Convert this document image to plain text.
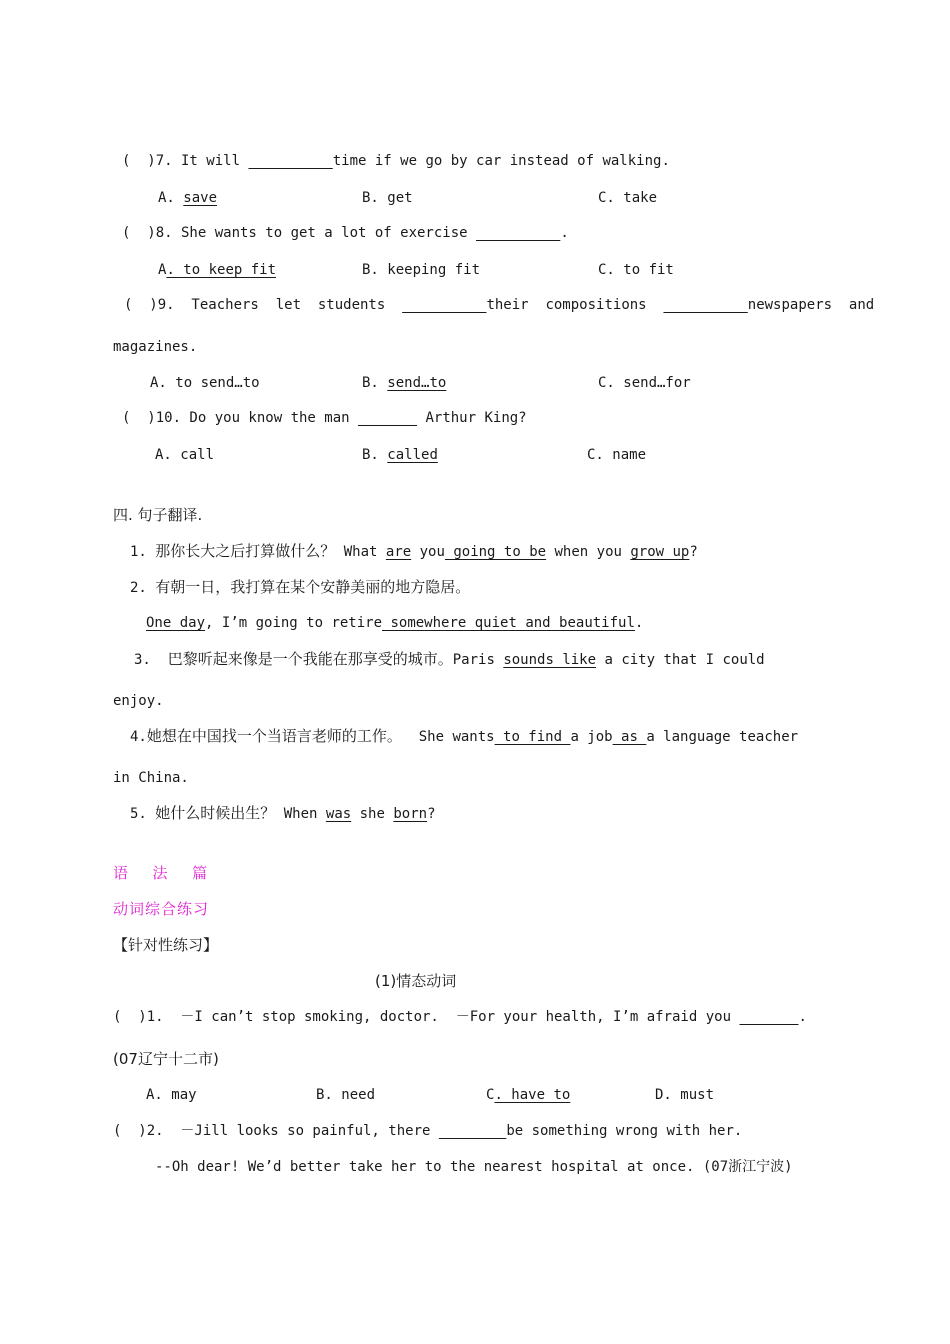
(  )7. It will	time if we go by car instead of walking.
A. save	B. get	C. take
(  )8. She wants to get a lot of exercise	.
A. to keep fit	B. keeping fit	C. to fit
(  )9.  Teachers  let  students	their  compositions	newspapers  and
magazines.
A. to send…to	B. send…to	C. send…for
(  )10. Do you know the man	Arthur King?
A. call	B. called	C. name
四. 句子翻译.
1. 那你长大之后打算做什么？ What are you going to be when you grow up?
2. 有朝一日，我打算在某个安静美丽的地方隐居。
One day, I’m going to retire somewhere quiet and beautiful.
3.  巴黎听起来像是一个我能在那享受的城市。Paris sounds like a city that I could
enjoy.
4.她想在中国找一个当语言老师的工作。  She wants to find a job as a language teacher
in China.
5. 她什么时候出生？ When was she born?
语  法  篇
动词综合练习
【针对性练习】
(1)情态动词
(  )1.  －I can’t stop smoking, doctor.  －For your health, I’m afraid you	.
(07辽宁十二市)
A. may	B. need	C. have to	D. must
(  )2.  －Jill looks so painful, there	be something wrong with her.
--Oh dear! We’d better take her to the nearest hospital at once. (07浙江宁波)
